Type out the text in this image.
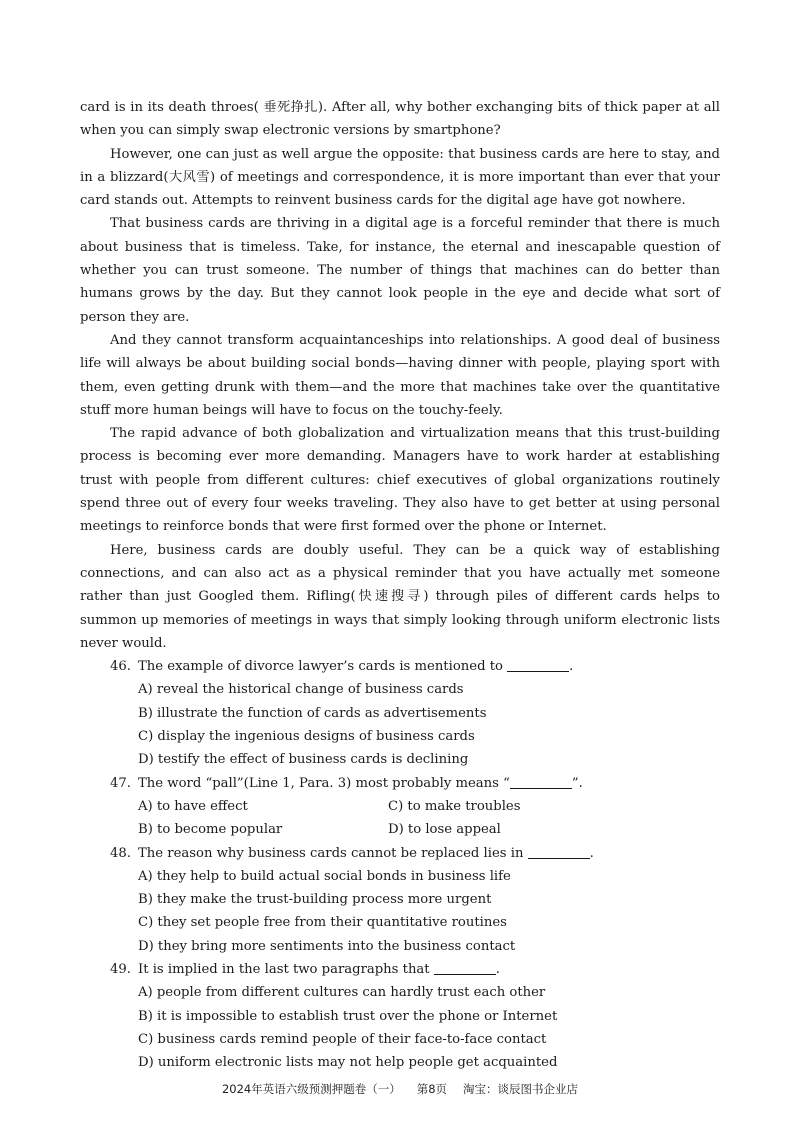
card is in its death throes( 垂死挣扎). After all, why bother exchanging bits of thick paper at all when you can simply swap electronic versions by smartphone?

However, one can just as well argue the opposite: that business cards are here to stay, and in a blizzard(大风雪) of meetings and correspondence, it is more important than ever that your card stands out. Attempts to reinvent business cards for the digital age have got nowhere.

That business cards are thriving in a digital age is a forceful reminder that there is much about business that is timeless. Take, for instance, the eternal and inescapable question of whether you can trust someone. The number of things that machines can do better than humans grows by the day. But they cannot look people in the eye and decide what sort of person they are.

And they cannot transform acquaintanceships into relationships. A good deal of business life will always be about building social bonds—having dinner with people, playing sport with them, even getting drunk with them—and the more that machines take over the quantitative stuff more human beings will have to focus on the touchy-feely.

The rapid advance of both globalization and virtualization means that this trust-building process is becoming ever more demanding. Managers have to work harder at establishing trust with people from different cultures: chief executives of global organizations routinely spend three out of every four weeks traveling. They also have to get better at using personal meetings to reinforce bonds that were first formed over the phone or Internet.

Here, business cards are doubly useful. They can be a quick way of establishing connections, and can also act as a physical reminder that you have actually met someone rather than just Googled them. Rifling(快速搜寻) through piles of different cards helps to summon up memories of meetings in ways that simply looking through uniform electronic lists never would.

46. The example of divorce lawyer’s cards is mentioned to	.

A) reveal the historical change of business cards

B) illustrate the function of cards as advertisements

C) display the ingenious designs of business cards

D) testify the effect of business cards is declining

47. The word “pall”(Line 1, Para. 3) most probably means “	”.

A) to have effect	C) to make troubles
B) to become popular	D) to lose appeal

48. The reason why business cards cannot be replaced lies in	.

A) they help to build actual social bonds in business life

B) they make the trust-building process more urgent

C) they set people free from their quantitative routines

D) they bring more sentiments into the business contact

49. It is implied in the last two paragraphs that	.

A) people from different cultures can hardly trust each other

B) it is impossible to establish trust over the phone or Internet

C) business cards remind people of their face-to-face contact

D) uniform electronic lists may not help people get acquainted

2024年英语六级预测押题卷（一） 第8页 淘宝：谈辰图书企业店
